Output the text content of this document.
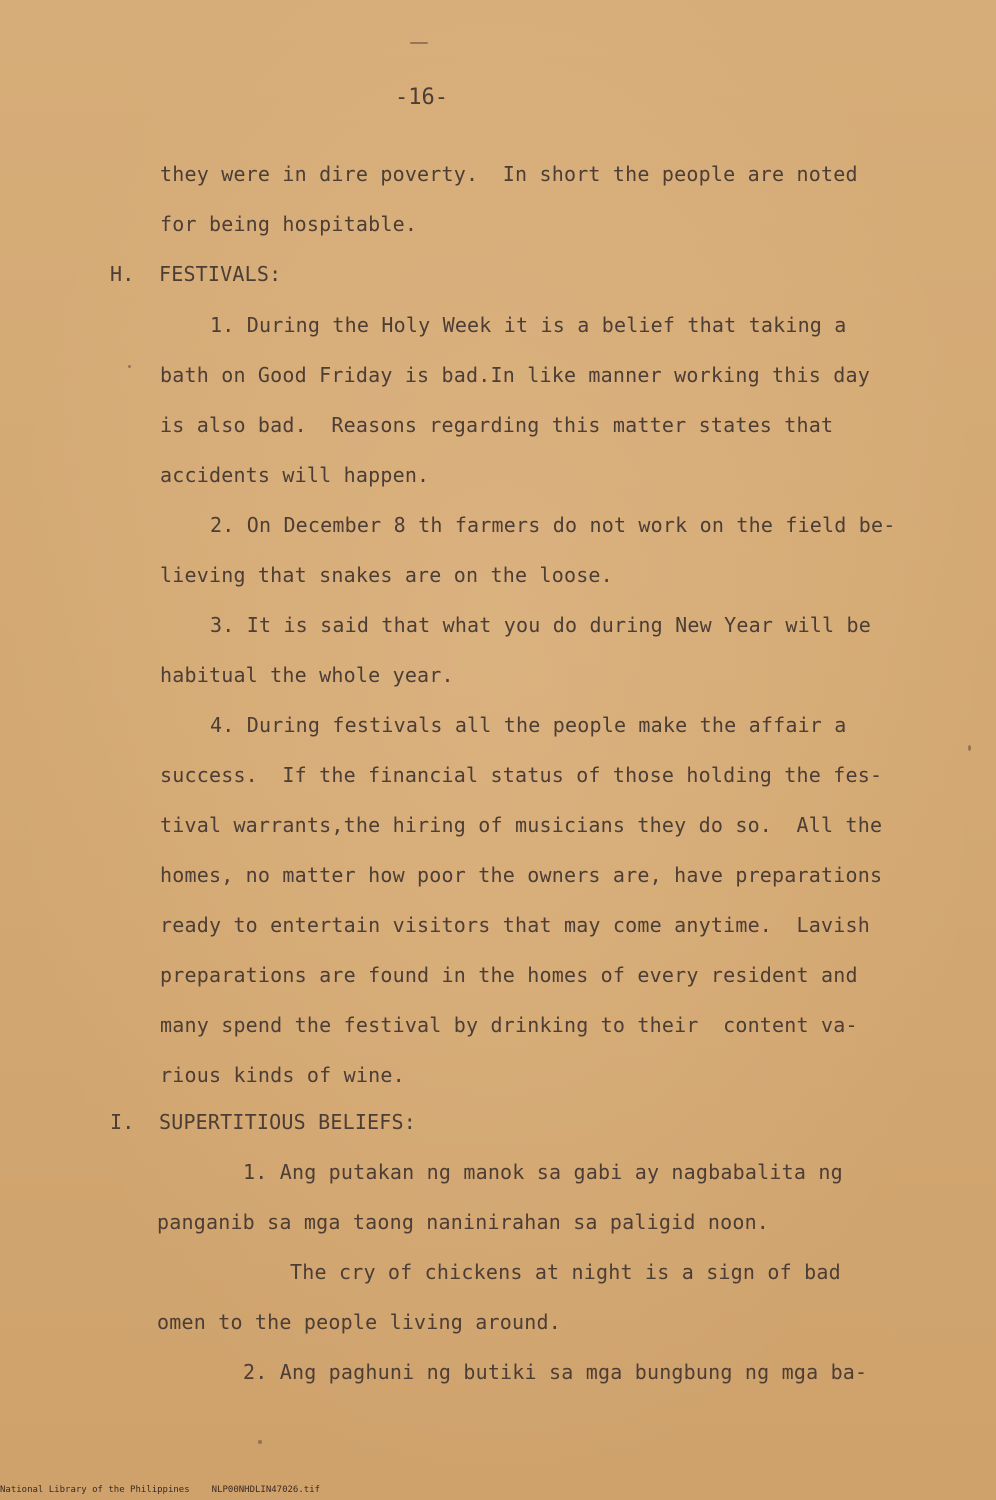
-16-
they were in dire poverty.  In short the people are noted
for being hospitable.
H.  FESTIVALS:
1. During the Holy Week it is a belief that taking a
bath on Good Friday is bad.In like manner working this day
is also bad.  Reasons regarding this matter states that
accidents will happen.
2. On December 8 th farmers do not work on the field be-
lieving that snakes are on the loose.
3. It is said that what you do during New Year will be
habitual the whole year.
4. During festivals all the people make the affair a
success.  If the financial status of those holding the fes-
tival warrants,the hiring of musicians they do so.  All the
homes, no matter how poor the owners are, have preparations
ready to entertain visitors that may come anytime.  Lavish
preparations are found in the homes of every resident and
many spend the festival by drinking to their  content va-
rious kinds of wine.
I.  SUPERTITIOUS BELIEFS:
1. Ang putakan ng manok sa gabi ay nagbabalita ng
panganib sa mga taong naninirahan sa paligid noon.
The cry of chickens at night is a sign of bad
omen to the people living around.
2. Ang paghuni ng butiki sa mga bungbung ng mga ba-
National Library of the Philippines NLP00NHDLIN47026.tif
